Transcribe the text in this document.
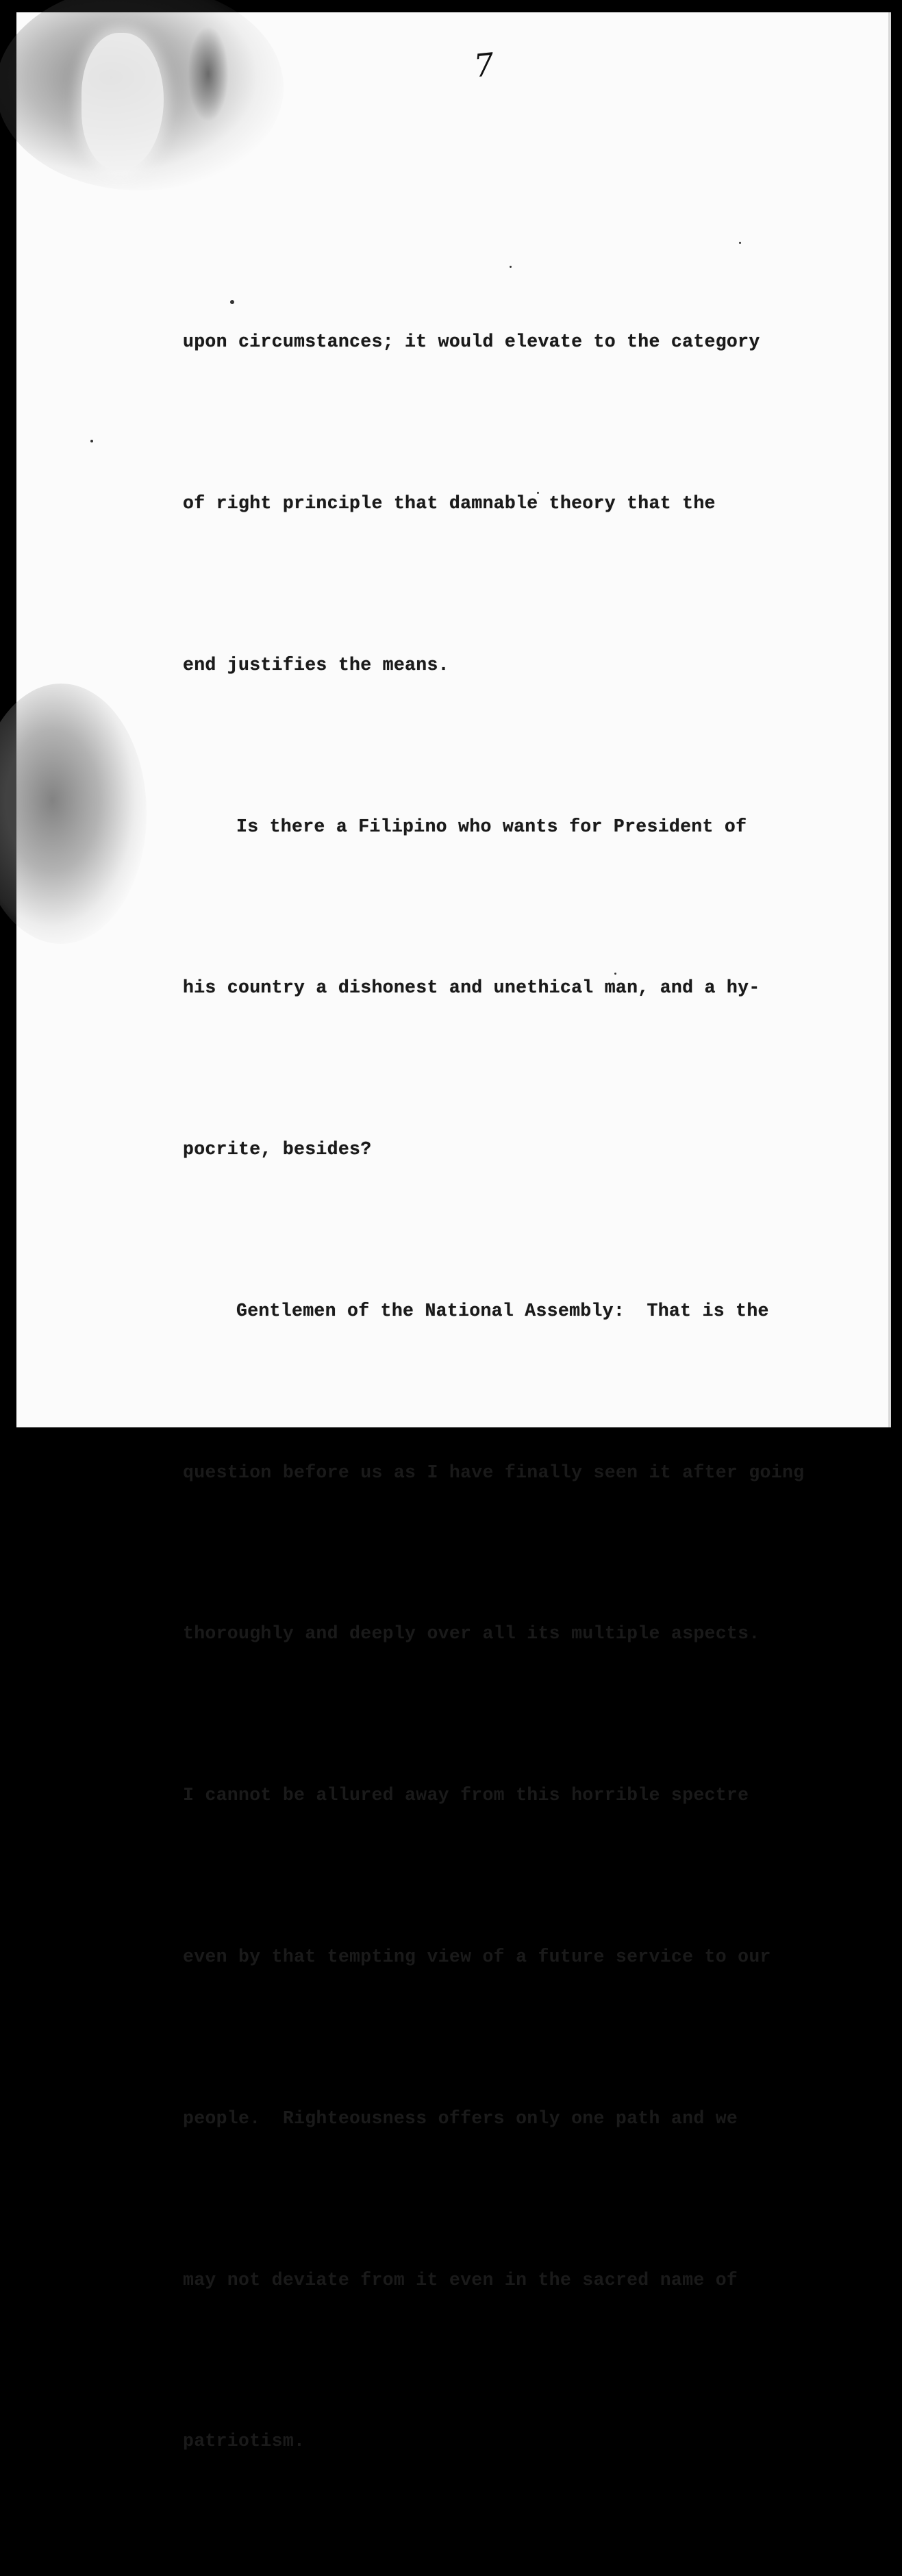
7

upon circumstances; it would elevate to the category

of right principle that damnable theory that the

end justifies the means.

Is there a Filipino who wants for President of

his country a dishonest and unethical man, and a hy-

pocrite, besides?

Gentlemen of the National Assembly:  That is the

question before us as I have finally seen it after going

thoroughly and deeply over all its multiple aspects.

I cannot be allured away from this horrible spectre

even by that tempting view of a future service to our

people.  Righteousness offers only one path and we

may not deviate from it even in the sacred name of

patriotism.
